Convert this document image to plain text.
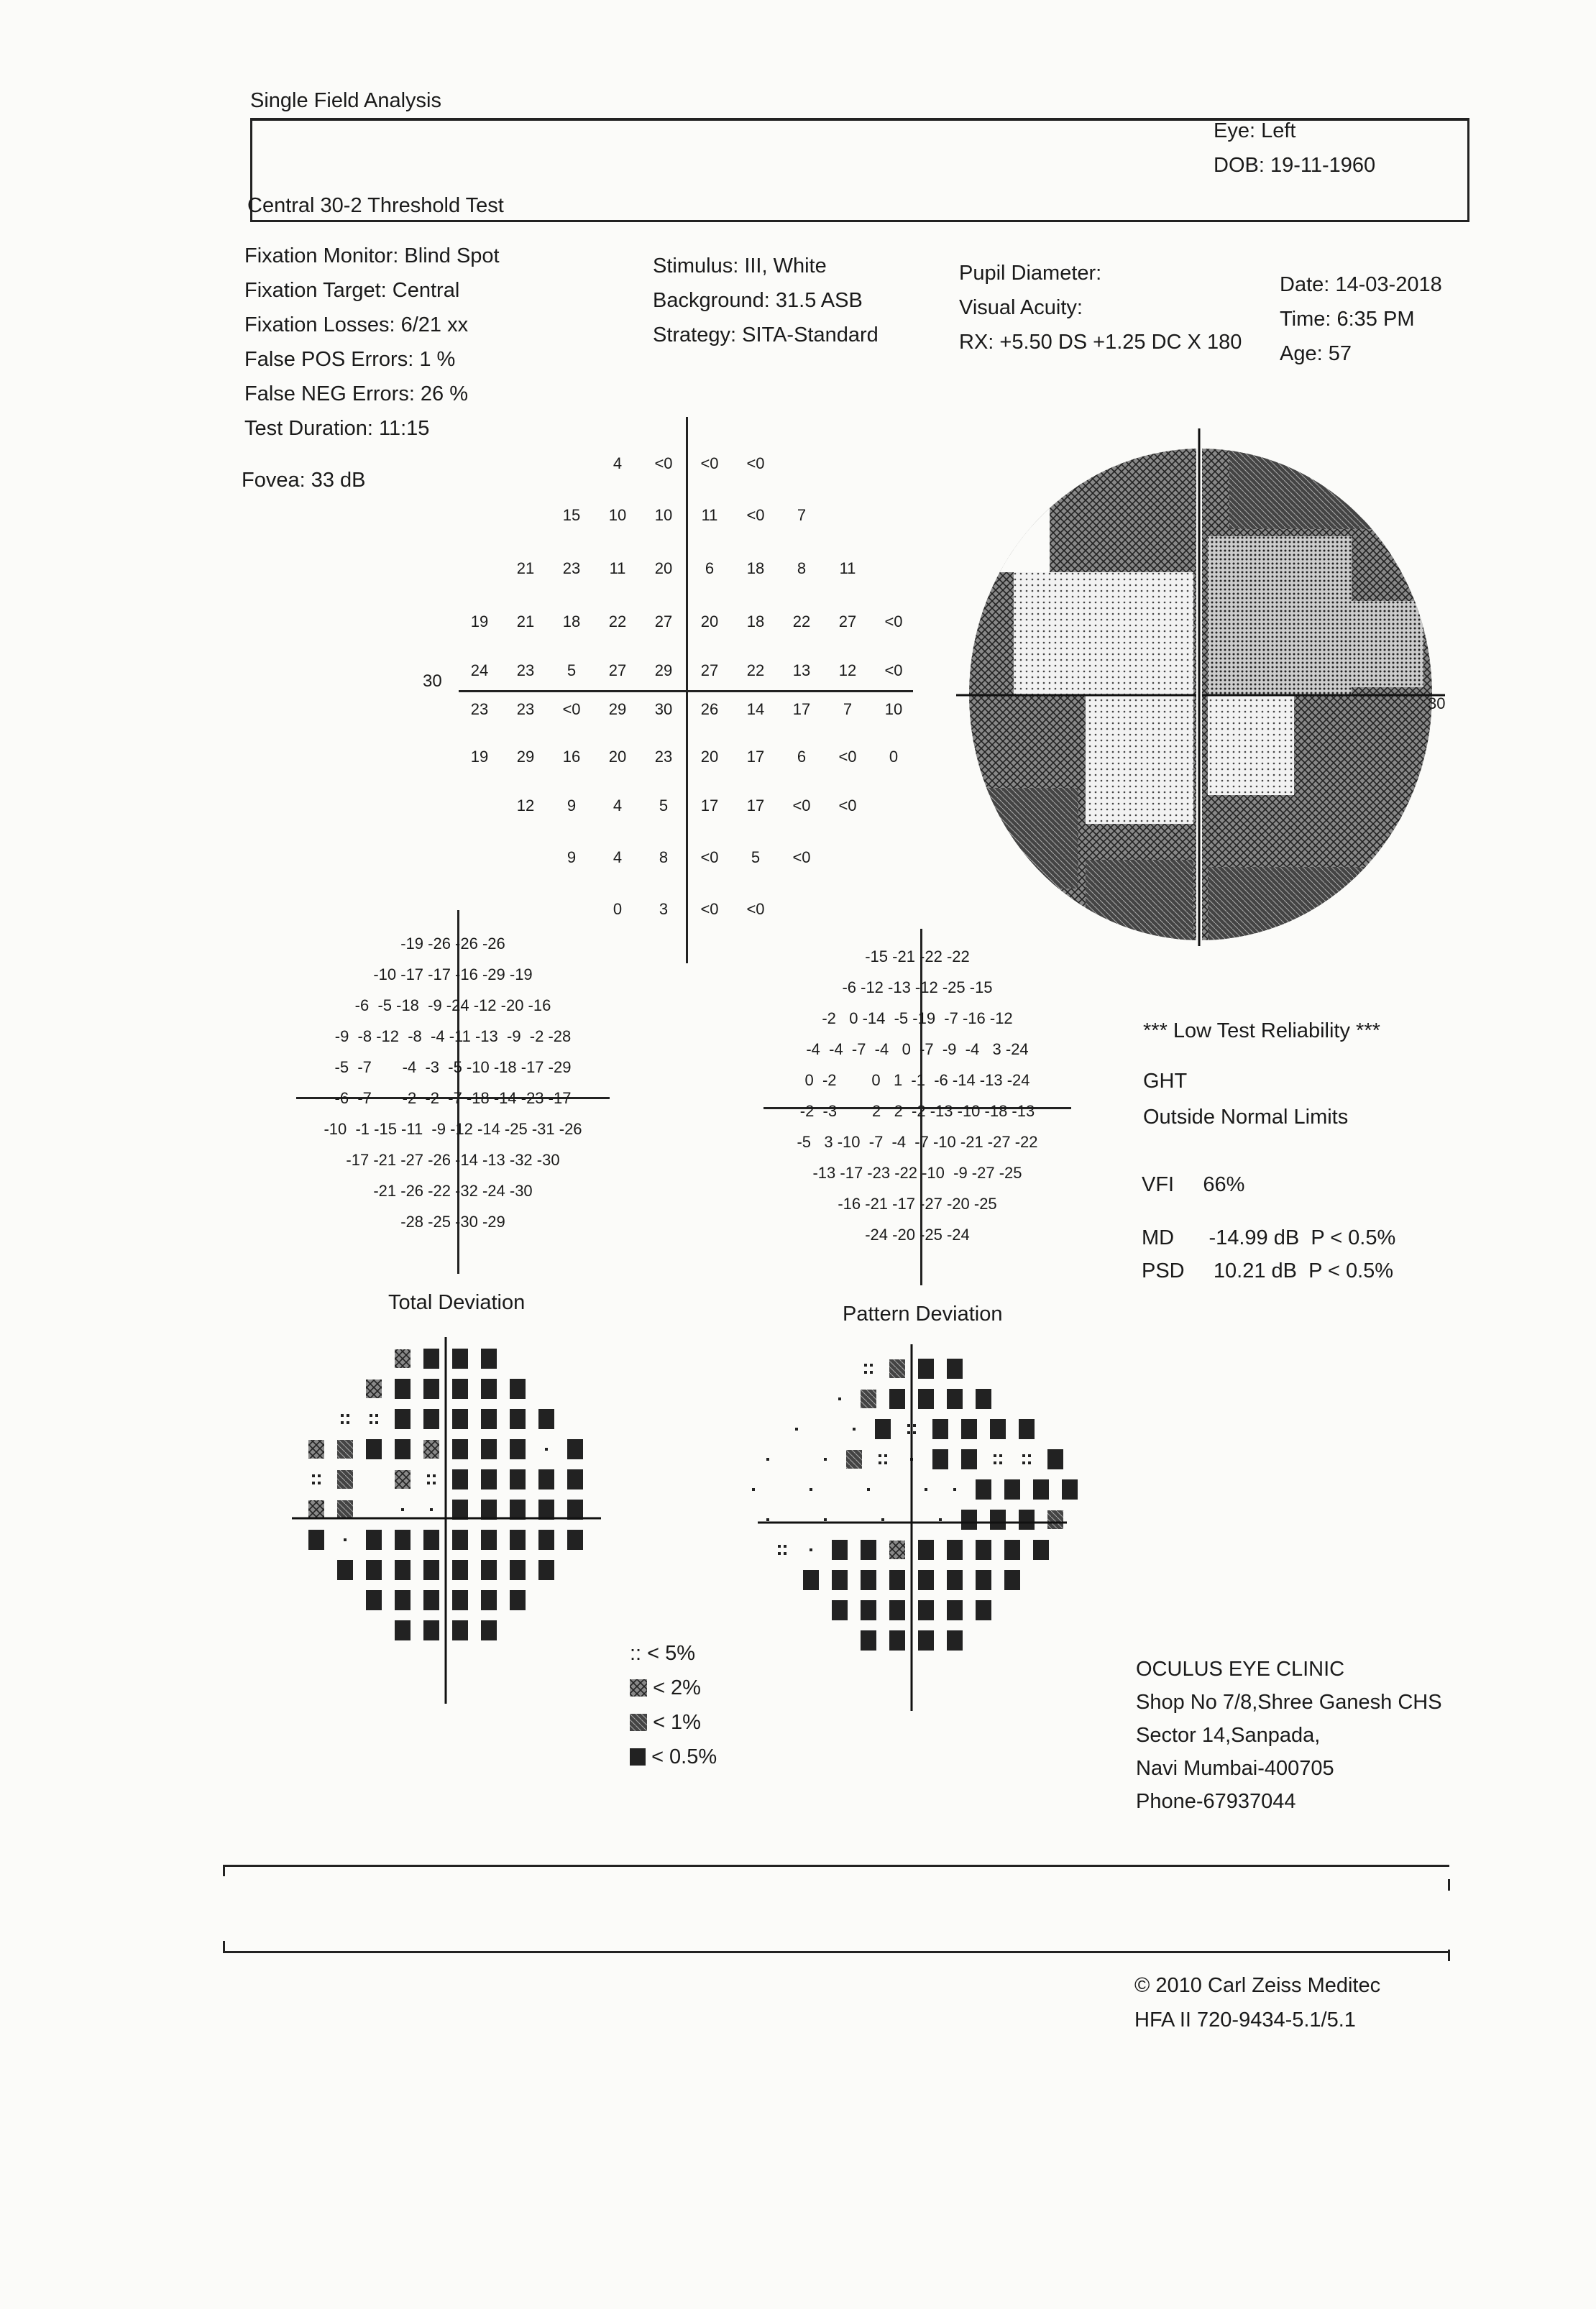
Single Field Analysis
Eye: Left
DOB: 19-11-1960
Central 30-2 Threshold Test
Fixation Monitor: Blind Spot
Fixation Target: Central
Fixation Losses: 6/21 xx
False POS Errors: 1 %
False NEG Errors: 26 %
Test Duration: 11:15
Fovea: 33 dB
Stimulus: III, White
Background: 31.5 ASB
Strategy: SITA-Standard
Pupil Diameter:
Visual Acuity:
RX: +5.50 DS +1.25 DC X 180
Date: 14-03-2018
Time: 6:35 PM
Age: 57
30
4	<0	<0	<0
15	10	10	11	<0	7
21	23	11	20	6	18	8	11
19	21	18	22	27	20	18	22	27	<0
24	23	5	27	29	27	22	13	12	<0
23	23	<0	29	30	26	14	17	7	10
19	29	16	20	23	20	17	6	<0	0
12	9	4	5	17	17	<0	<0
9	4	8	<0	5	<0
0	3	<0	<0
30
-19 -26 -26 -26
-10 -17 -17 -16 -29 -19
-6  -5 -18  -9 -24 -12 -20 -16
-9  -8 -12  -8  -4 -11 -13  -9  -2 -28
-5  -7       -4  -3  -5 -10 -18 -17 -29
-6  -7       -2  -2  -7 -18 -14 -23 -17
-10  -1 -15 -11  -9 -12 -14 -25 -31 -26
-17 -21 -27 -26 -14 -13 -32 -30
-21 -26 -22 -32 -24 -30
-28 -25 -30 -29
Total Deviation
-15 -21 -22 -22
-6 -12 -13 -12 -25 -15
-2   0 -14  -5 -19  -7 -16 -12
-4  -4  -7  -4   0  -7  -9  -4   3 -24
0  -2        0   1  -1  -6 -14 -13 -24
-2  -3        2   2  -2 -13 -10 -18 -13
-5   3 -10  -7  -4  -7 -10 -21 -27 -22
-13 -17 -23 -22 -10  -9 -27 -25
-16 -21 -17 -27 -20 -25
-24 -20 -25 -24
Pattern Deviation
:: < 5%
< 2%
< 1%
< 0.5%
*** Low Test Reliability ***
GHT
Outside Normal Limits
VFI     66%
MD      -14.99 dB  P < 0.5%
PSD     10.21 dB  P < 0.5%
OCULUS EYE CLINIC
Shop No 7/8,Shree Ganesh CHS
Sector 14,Sanpada,
Navi Mumbai-400705
Phone-67937044
© 2010 Carl Zeiss Meditec
HFA II 720-9434-5.1/5.1
